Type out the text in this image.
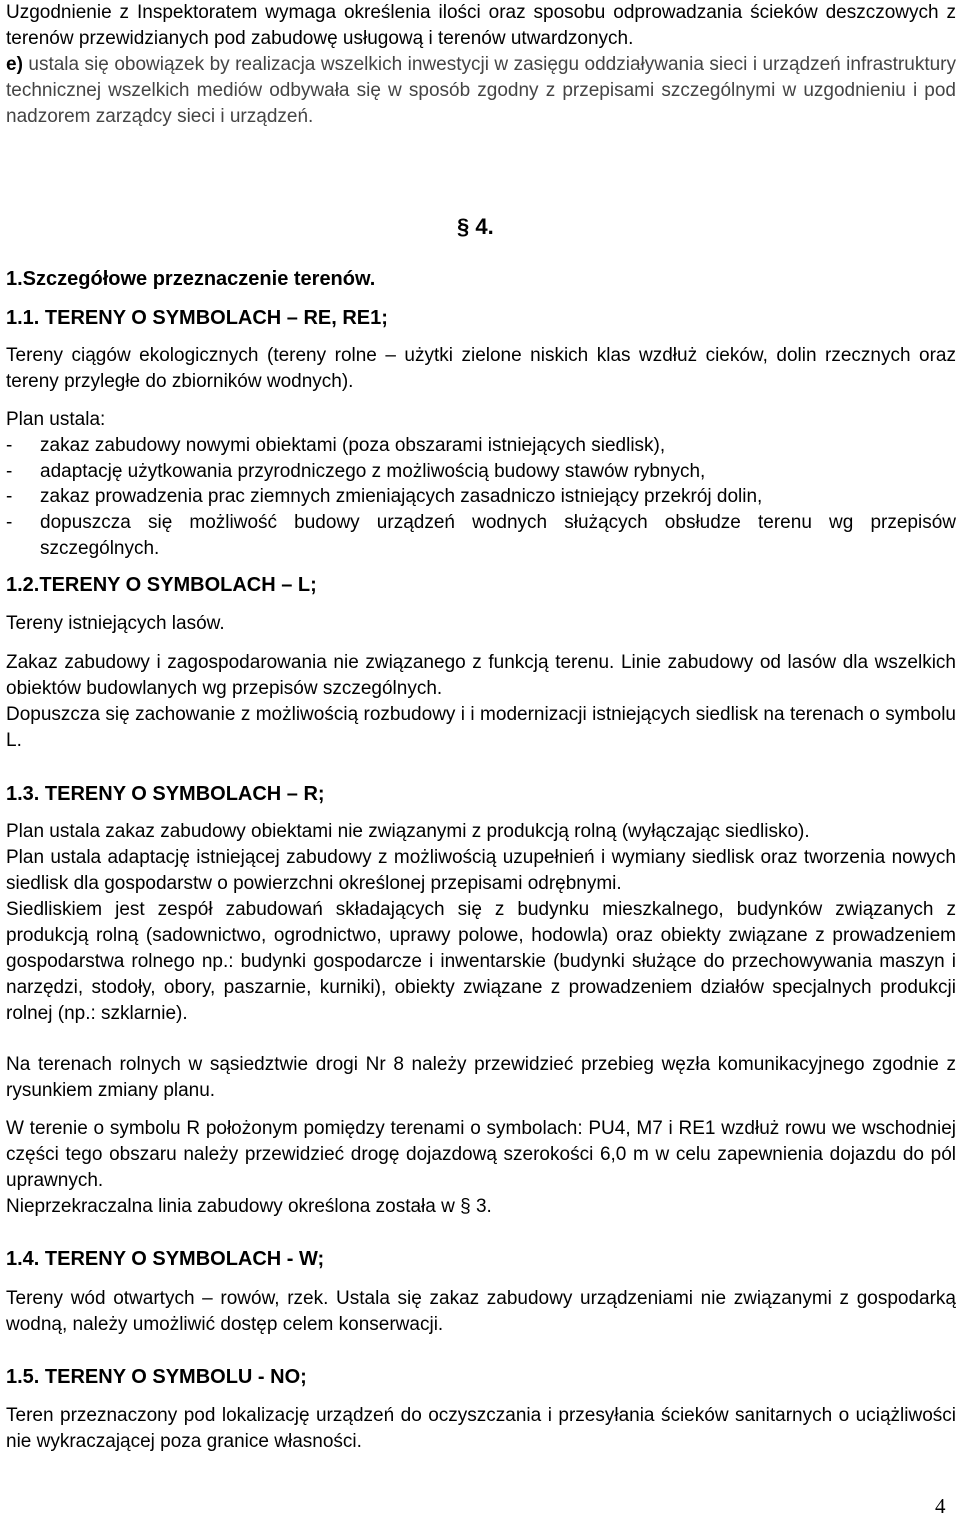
Uzgodnienie z Inspektoratem wymaga określenia ilości oraz sposobu odprowadzania ścieków deszczowych z terenów przewidzianych pod zabudowę usługową i terenów utwardzonych.

e) ustala się obowiązek by realizacja wszelkich inwestycji w zasięgu oddziaływania sieci i urządzeń infrastruktury technicznej wszelkich mediów odbywała się w sposób zgodny z przepisami szczególnymi w uzgodnieniu i pod nadzorem zarządcy sieci i urządzeń.

§ 4.

1.Szczegółowe przeznaczenie terenów.

1.1. TERENY O SYMBOLACH – RE, RE1;

Tereny ciągów ekologicznych (tereny rolne – użytki zielone niskich klas wzdłuż cieków, dolin rzecznych oraz tereny przyległe do zbiorników wodnych).

Plan ustala:

- zakaz zabudowy nowymi obiektami (poza obszarami istniejących siedlisk),

- adaptację użytkowania przyrodniczego z możliwością budowy stawów rybnych,

- zakaz prowadzenia prac ziemnych zmieniających zasadniczo istniejący przekrój dolin,

- dopuszcza się możliwość budowy urządzeń wodnych służących obsłudze terenu wg przepisów szczególnych.

1.2.TERENY O SYMBOLACH – L;

Tereny istniejących lasów.

Zakaz zabudowy i zagospodarowania nie związanego z funkcją terenu. Linie zabudowy od lasów dla wszelkich obiektów budowlanych wg przepisów szczególnych.

Dopuszcza się zachowanie z możliwością rozbudowy i i modernizacji istniejących siedlisk na terenach o symbolu L.

1.3. TERENY O SYMBOLACH – R;

Plan ustala zakaz zabudowy obiektami nie związanymi z produkcją rolną (wyłączając siedlisko).

Plan ustala adaptację istniejącej zabudowy z możliwością uzupełnień i wymiany siedlisk oraz tworzenia nowych siedlisk dla gospodarstw o powierzchni określonej przepisami odrębnymi.

Siedliskiem jest zespół zabudowań składających się z budynku mieszkalnego, budynków związanych z produkcją rolną (sadownictwo, ogrodnictwo, uprawy polowe, hodowla) oraz obiekty związane z prowadzeniem gospodarstwa rolnego np.: budynki gospodarcze i inwentarskie (budynki służące do przechowywania maszyn i narzędzi, stodoły, obory, paszarnie, kurniki), obiekty związane z prowadzeniem działów specjalnych produkcji rolnej (np.: szklarnie).

Na terenach rolnych w sąsiedztwie drogi Nr 8 należy przewidzieć przebieg węzła komunikacyjnego zgodnie z rysunkiem zmiany planu.

W terenie o symbolu R położonym pomiędzy terenami o symbolach: PU4, M7 i RE1 wzdłuż rowu we wschodniej części tego obszaru należy przewidzieć drogę dojazdową szerokości 6,0 m w celu zapewnienia dojazdu do pól uprawnych.

Nieprzekraczalna linia zabudowy określona została w § 3.

1.4. TERENY O SYMBOLACH - W;

Tereny wód otwartych – rowów, rzek. Ustala się zakaz zabudowy urządzeniami nie związanymi z gospodarką wodną, należy umożliwić dostęp celem konserwacji.

1.5. TERENY O SYMBOLU - NO;

Teren przeznaczony pod lokalizację urządzeń do oczyszczania i przesyłania ścieków sanitarnych o uciążliwości nie wykraczającej poza granice własności.

4
